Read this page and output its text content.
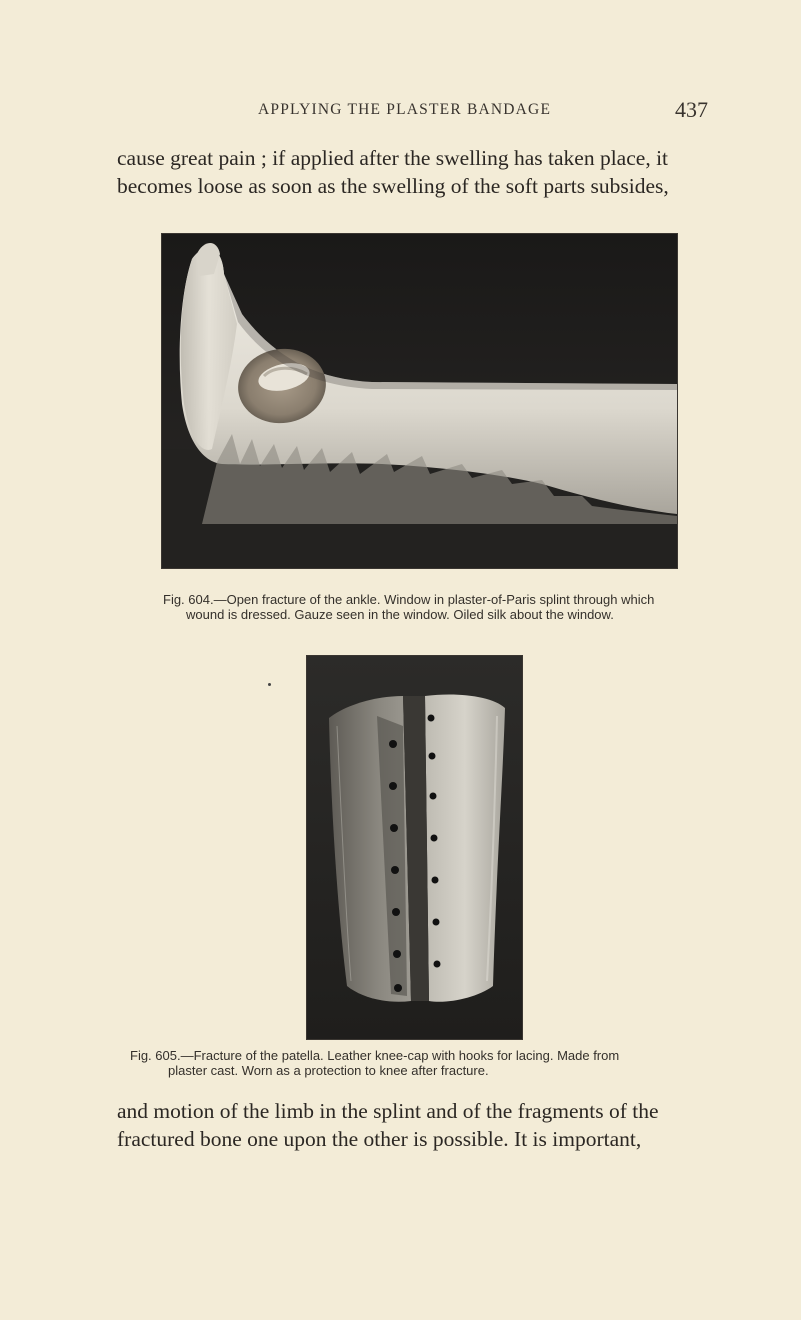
APPLYING THE PLASTER BANDAGE	437
cause great pain ; if applied after the swelling has taken place, it
becomes loose as soon as the swelling of the soft parts subsides,
Fig. 604.—Open fracture of the ankle. Window in plaster-of-Paris splint through which
wound is dressed. Gauze seen in the window. Oiled silk about the window.
Fig. 605.—Fracture of the patella. Leather knee-cap with hooks for lacing. Made from
plaster cast. Worn as a protection to knee after fracture.
and motion of the limb in the splint and of the fragments of the
fractured bone one upon the other is possible. It is important,
